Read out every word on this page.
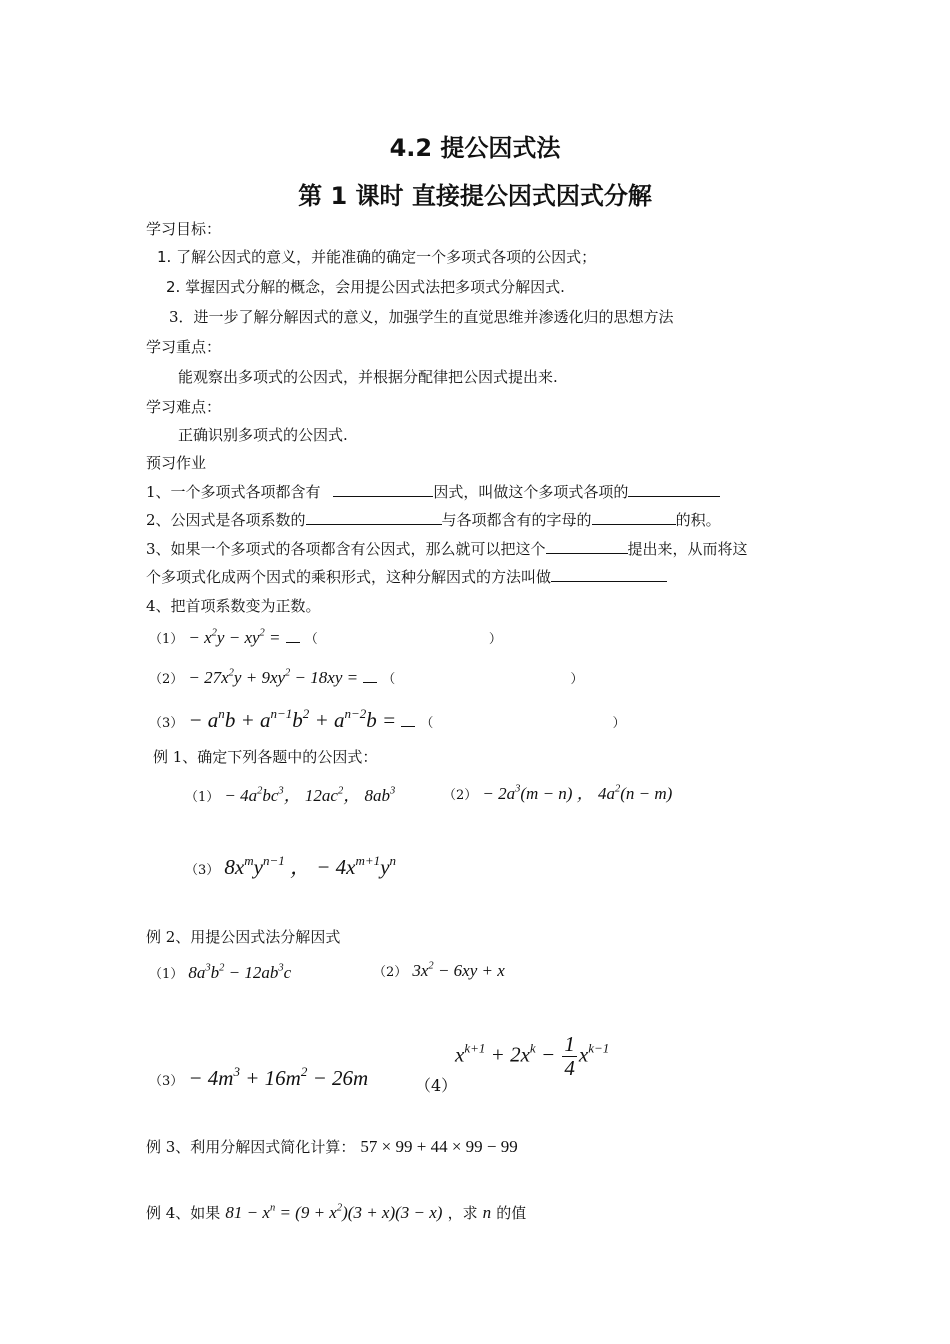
4.2 提公因式法
第 1 课时 直接提公因式因式分解
学习目标：
1. 了解公因式的意义，并能准确的确定一个多项式各项的公因式；
2. 掌握因式分解的概念，会用提公因式法把多项式分解因式.
3．进一步了解分解因式的意义，加强学生的直觉思维并渗透化归的思想方法
学习重点：
能观察出多项式的公因式，并根据分配律把公因式提出来.
学习难点：
正确识别多项式的公因式.
预习作业
1、一个多项式各项都含有	因式，叫做这个多项式各项的
2、公因式是各项系数的	与各项都含有的字母的	的积。
3、如果一个多项式的各项都含有公因式，那么就可以把这个	提出来，从而将这
个多项式化成两个因式的乘积形式，这种分解因式的方法叫做
4、把首项系数变为正数。
$(1) - x^2y - xy^2$ = （	）
$(2) - 27x^2y + 9xy^2 - 18xy$ = （	）
$(3) - a^nb + a^{n-1}b^2 + a^{n-2}b$ = （	）
例 1、确定下列各题中的公因式：
$(1) - 4a^2bc^3$， $12ac^2$， $8ab^3$	$(2) - 2a^3(m - n)$ ， $4a^2(n - m)$
（3） $8x^my^{n-1}$ ， − $4x^{m+1}y^n$
例 2、用提公因式法分解因式
（1） $8a^3b^2 - 12ab^3c$	（2） $3x^2 - 6xy + x$
$(3) - 4m^3 + 16m^2 - 26m$	（4）
$x^{k+1} + 2x^k - \frac{1}{4} x^{k-1}$
例 3、利用分解因式简化计算： 57 × 99 + 44 × 99 − 99
例 4、如果 $81 - x^n = (9 + x^2)(3 + x)(3 - x)$ ，求 n 的值
